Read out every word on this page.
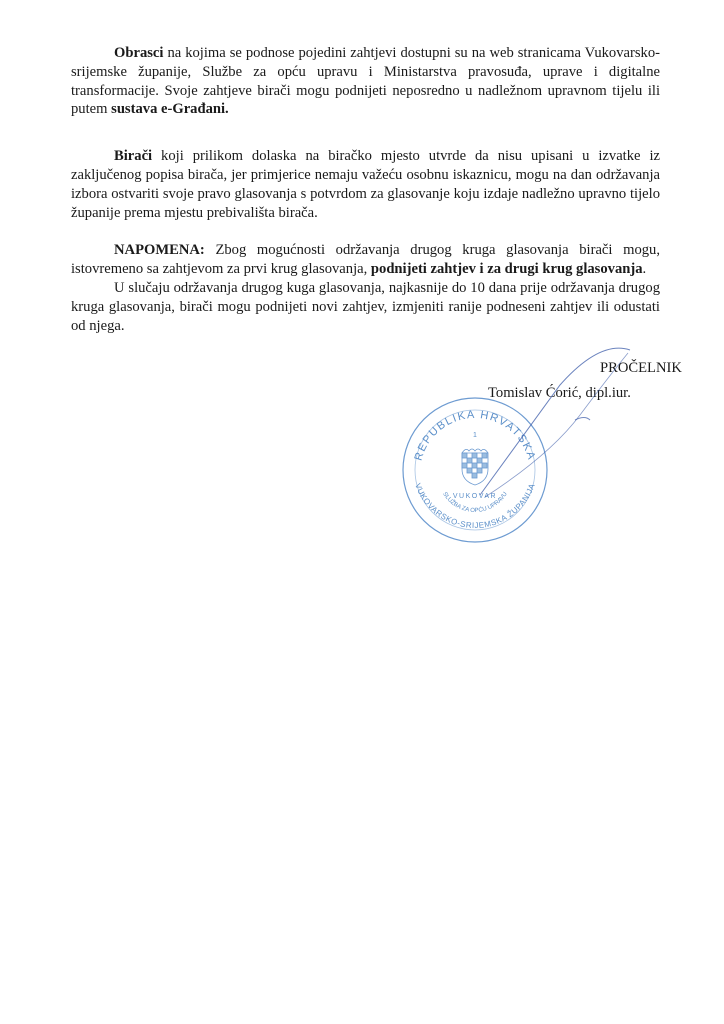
Obrasci na kojima se podnose pojedini zahtjevi dostupni su na web stranicama Vukovarsko-srijemske županije, Službe za opću upravu i Ministarstva pravosuđa, uprave i digitalne transformacije. Svoje zahtjeve birači mogu podnijeti neposredno u nadležnom upravnom tijelu ili putem sustava e-Građani.

Birači koji prilikom dolaska na biračko mjesto utvrde da nisu upisani u izvatke iz zaključenog popisa birača, jer primjerice nemaju važeću osobnu iskaznicu, mogu na dan održavanja izbora ostvariti svoje pravo glasovanja s potvrdom za glasovanje koju izdaje nadležno upravno tijelo županije prema mjestu prebivališta birača.

NAPOMENA: Zbog mogućnosti održavanja drugog kruga glasovanja birači mogu, istovremeno sa zahtjevom za prvi krug glasovanja, podnijeti zahtjev i za drugi krug glasovanja.

U slučaju održavanja drugog kuga glasovanja, najkasnije do 10 dana prije održavanja drugog kruga glasovanja, birači mogu podnijeti novi zahtjev, izmjeniti ranije podneseni zahtjev ili odustati od njega.

PROČELNIK
Tomislav Ćorić, dipl.iur.
REPUBLIKA HRVATSKA
VUKOVARSKO-SRIJEMSKA ŽUPANIJA
SLUŽBA ZA OPĆU UPRAVU
1
VUKOVAR
